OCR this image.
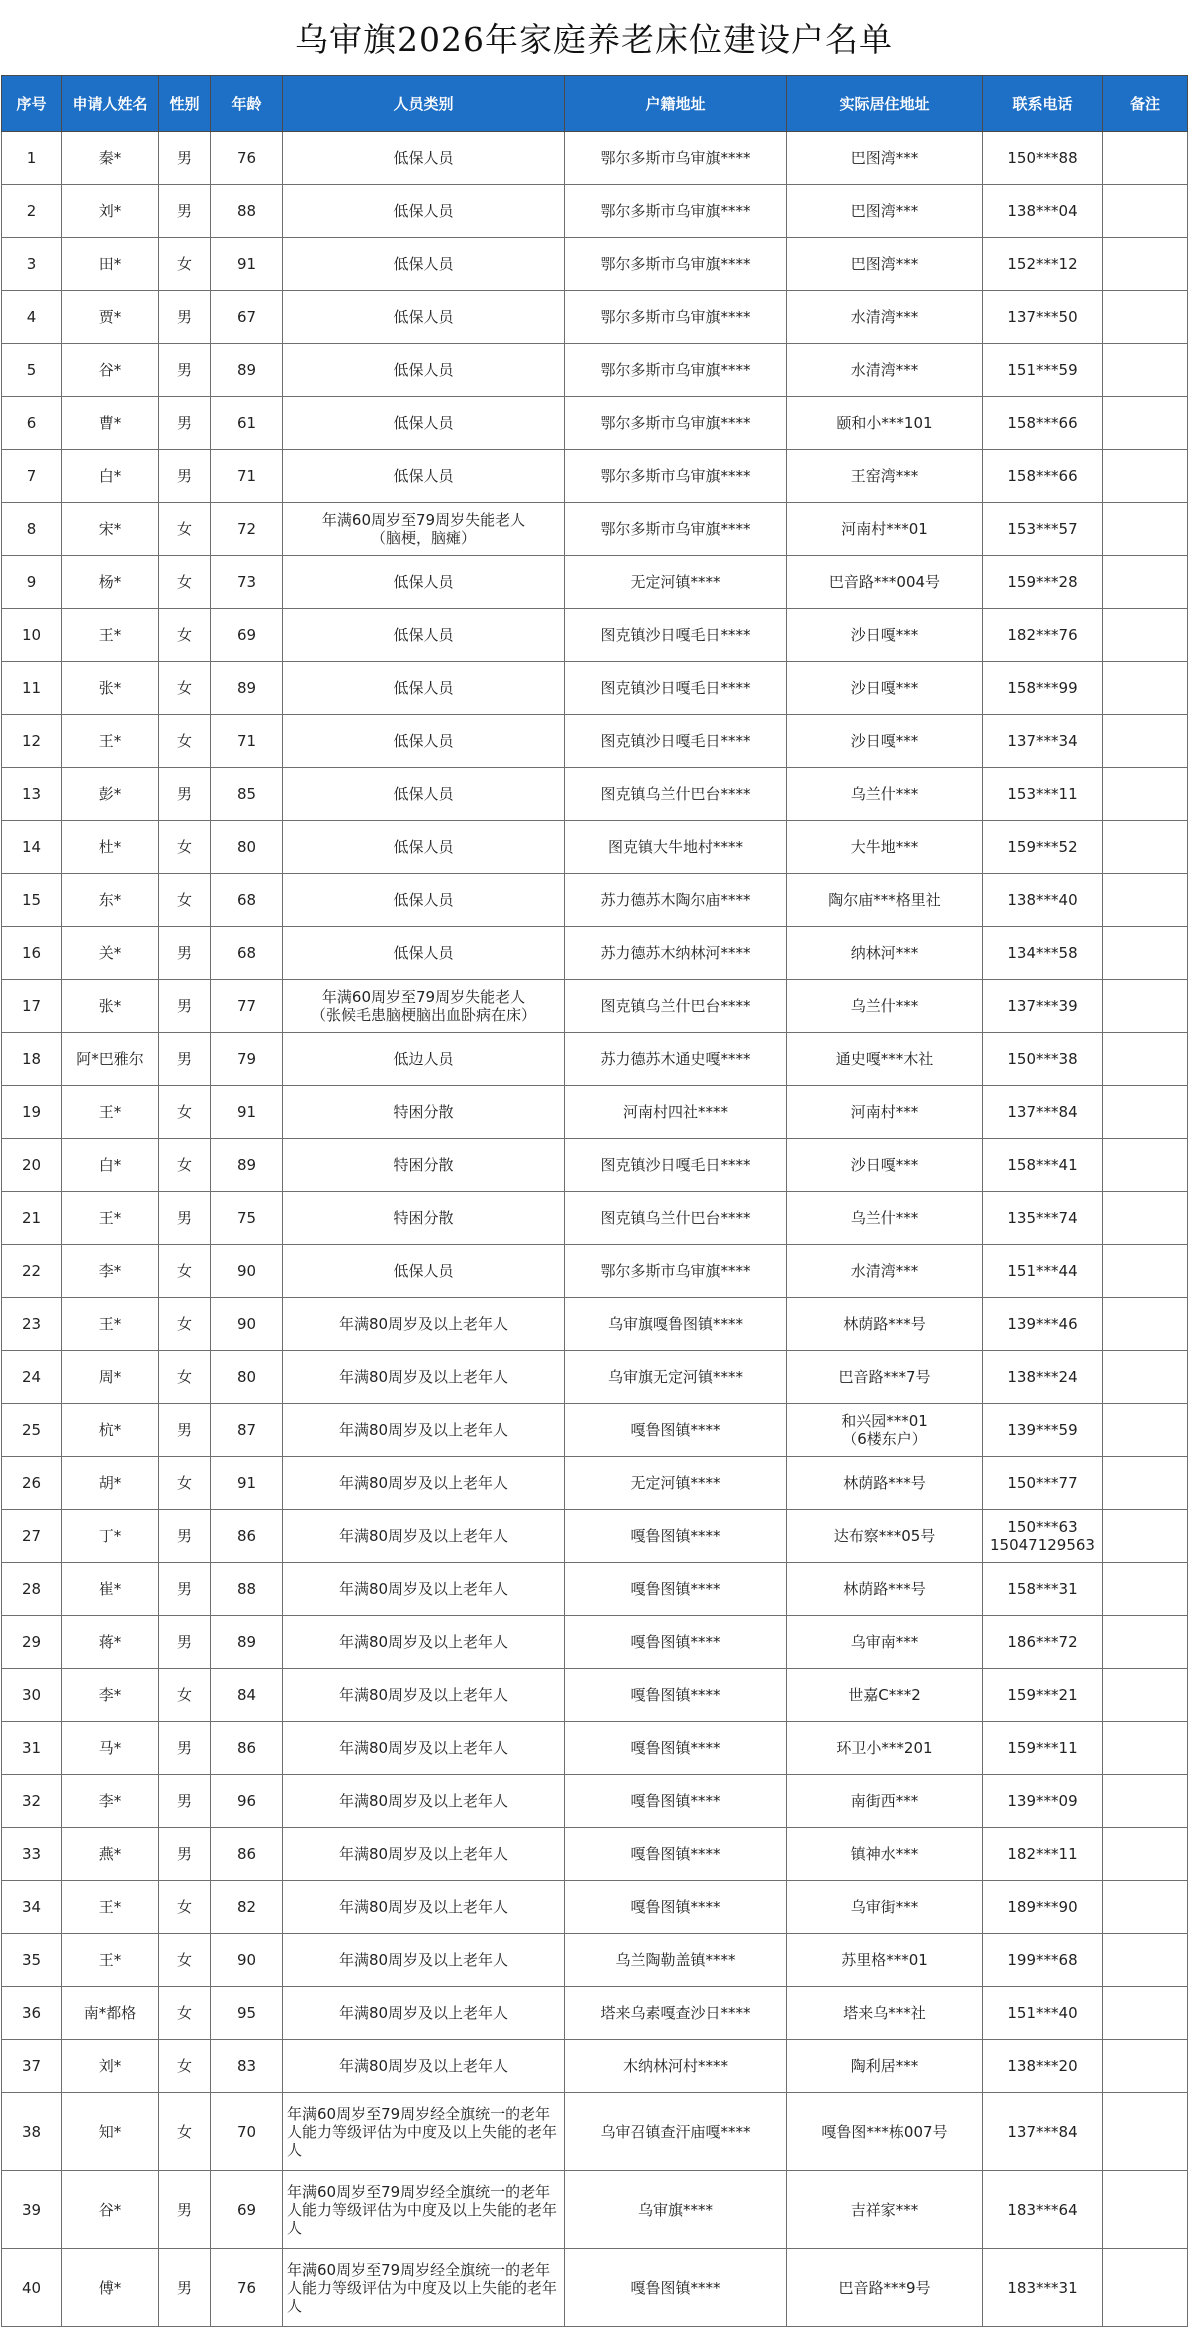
乌审旗2026年家庭养老床位建设户名单
序号	申请人姓名	性别	年龄	人员类别	户籍地址	实际居住地址	联系电话	备注
1	秦*	男	76	低保人员	鄂尔多斯市乌审旗****	巴图湾***	150***88	
2	刘*	男	88	低保人员	鄂尔多斯市乌审旗****	巴图湾***	138***04	
3	田*	女	91	低保人员	鄂尔多斯市乌审旗****	巴图湾***	152***12	
4	贾*	男	67	低保人员	鄂尔多斯市乌审旗****	水清湾***	137***50	
5	谷*	男	89	低保人员	鄂尔多斯市乌审旗****	水清湾***	151***59	
6	曹*	男	61	低保人员	鄂尔多斯市乌审旗****	颐和小***101	158***66	
7	白*	男	71	低保人员	鄂尔多斯市乌审旗****	王窑湾***	158***66	
8	宋*	女	72	年满60周岁至79周岁失能老人
（脑梗，脑瘫）	鄂尔多斯市乌审旗****	河南村***01	153***57	
9	杨*	女	73	低保人员	无定河镇****	巴音路***004号	159***28	
10	王*	女	69	低保人员	图克镇沙日嘎毛日****	沙日嘎***	182***76	
11	张*	女	89	低保人员	图克镇沙日嘎毛日****	沙日嘎***	158***99	
12	王*	女	71	低保人员	图克镇沙日嘎毛日****	沙日嘎***	137***34	
13	彭*	男	85	低保人员	图克镇乌兰什巴台****	乌兰什***	153***11	
14	杜*	女	80	低保人员	图克镇大牛地村****	大牛地***	159***52	
15	东*	女	68	低保人员	苏力德苏木陶尔庙****	陶尔庙***格里社	138***40	
16	关*	男	68	低保人员	苏力德苏木纳林河****	纳林河***	134***58	
17	张*	男	77	年满60周岁至79周岁失能老人
（张候毛患脑梗脑出血卧病在床）	图克镇乌兰什巴台****	乌兰什***	137***39	
18	阿*巴雅尔	男	79	低边人员	苏力德苏木通史嘎****	通史嘎***木社	150***38	
19	王*	女	91	特困分散	河南村四社****	河南村***	137***84	
20	白*	女	89	特困分散	图克镇沙日嘎毛日****	沙日嘎***	158***41	
21	王*	男	75	特困分散	图克镇乌兰什巴台****	乌兰什***	135***74	
22	李*	女	90	低保人员	鄂尔多斯市乌审旗****	水清湾***	151***44	
23	王*	女	90	年满80周岁及以上老年人	乌审旗嘎鲁图镇****	林荫路***号	139***46	
24	周*	女	80	年满80周岁及以上老年人	乌审旗无定河镇****	巴音路***7号	138***24	
25	杭*	男	87	年满80周岁及以上老年人	嘎鲁图镇****	和兴园***01
（6楼东户）	139***59	
26	胡*	女	91	年满80周岁及以上老年人	无定河镇****	林荫路***号	150***77	
27	丁*	男	86	年满80周岁及以上老年人	嘎鲁图镇****	达布察***05号	150***63
15047129563	
28	崔*	男	88	年满80周岁及以上老年人	嘎鲁图镇****	林荫路***号	158***31	
29	蒋*	男	89	年满80周岁及以上老年人	嘎鲁图镇****	乌审南***	186***72	
30	李*	女	84	年满80周岁及以上老年人	嘎鲁图镇****	世嘉C***2	159***21	
31	马*	男	86	年满80周岁及以上老年人	嘎鲁图镇****	环卫小***201	159***11	
32	李*	男	96	年满80周岁及以上老年人	嘎鲁图镇****	南街西***	139***09	
33	燕*	男	86	年满80周岁及以上老年人	嘎鲁图镇****	镇神水***	182***11	
34	王*	女	82	年满80周岁及以上老年人	嘎鲁图镇****	乌审街***	189***90	
35	王*	女	90	年满80周岁及以上老年人	乌兰陶勒盖镇****	苏里格***01	199***68	
36	南*都格	女	95	年满80周岁及以上老年人	塔来乌素嘎查沙日****	塔来乌***社	151***40	
37	刘*	女	83	年满80周岁及以上老年人	木纳林河村****	陶利居***	138***20	
38	知*	女	70	年满60周岁至79周岁经全旗统一的老年人能力等级评估为中度及以上失能的老年人	乌审召镇查汗庙嘎****	嘎鲁图***栋007号	137***84	
39	谷*	男	69	年满60周岁至79周岁经全旗统一的老年人能力等级评估为中度及以上失能的老年人	乌审旗****	吉祥家***	183***64	
40	傅*	男	76	年满60周岁至79周岁经全旗统一的老年人能力等级评估为中度及以上失能的老年人	嘎鲁图镇****	巴音路***9号	183***31	
